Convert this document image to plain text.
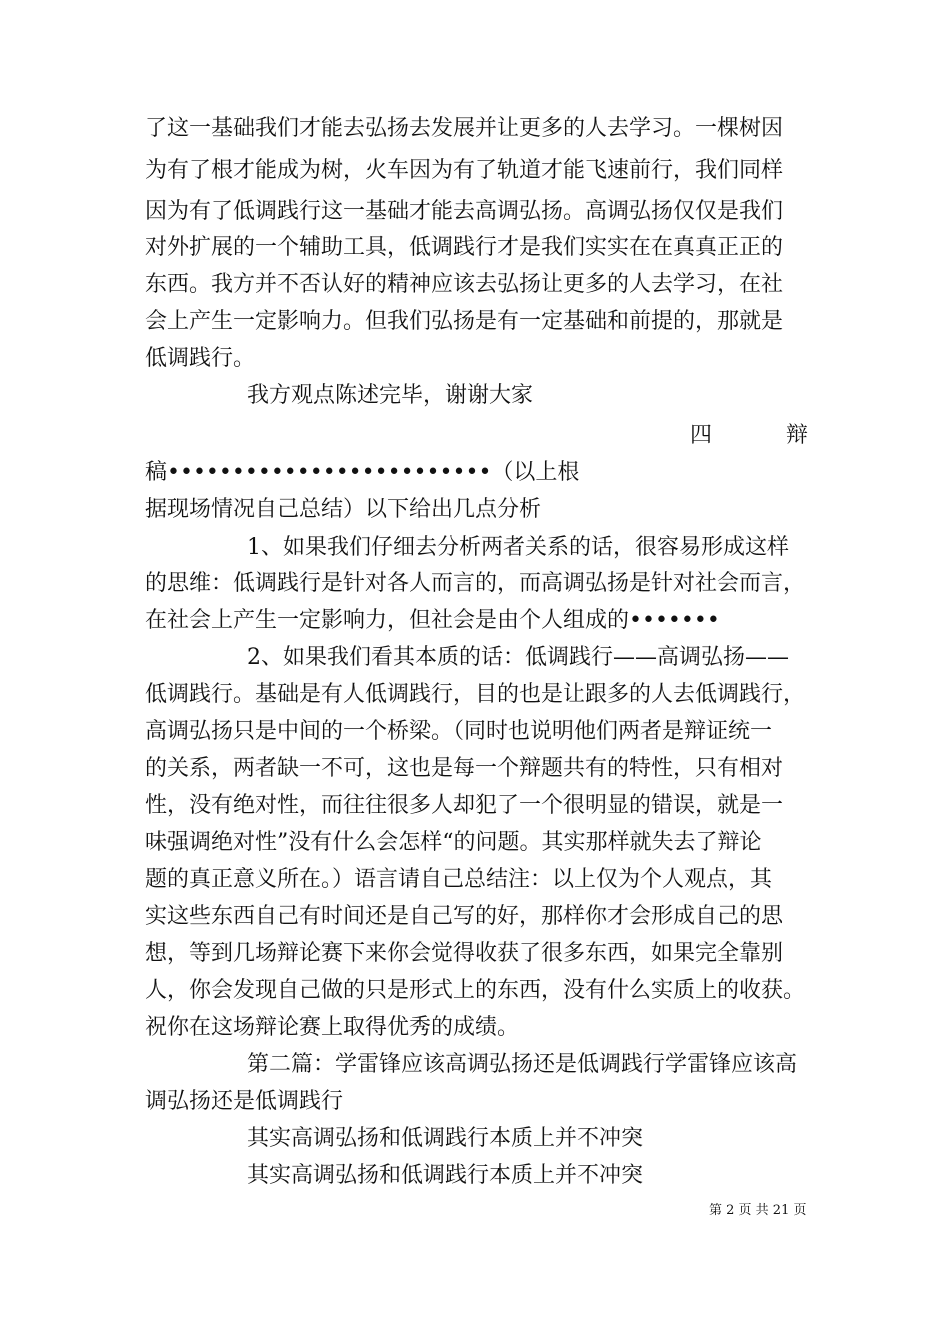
了这一基础我们才能去弘扬去发展并让更多的人去学习。一棵树因
为有了根才能成为树，火车因为有了轨道才能飞速前行，我们同样
因为有了低调践行这一基础才能去高调弘扬。高调弘扬仅仅是我们
对外扩展的一个辅助工具，低调践行才是我们实实在在真真正正的
东西。我方并不否认好的精神应该去弘扬让更多的人去学习，在社
会上产生一定影响力。但我们弘扬是有一定基础和前提的，那就是
低调践行。
我方观点陈述完毕，谢谢大家
四	辩
稿•••••••••••••••••••••••••（以上根
据现场情况自己总结）以下给出几点分析
1、如果我们仔细去分析两者关系的话，很容易形成这样
的思维：低调践行是针对各人而言的，而高调弘扬是针对社会而言，
在社会上产生一定影响力，但社会是由个人组成的•••••••
2、如果我们看其本质的话：低调践行——高调弘扬——
低调践行。基础是有人低调践行，目的也是让跟多的人去低调践行，
高调弘扬只是中间的一个桥梁。（同时也说明他们两者是辩证统一
的关系，两者缺一不可，这也是每一个辩题共有的特性，只有相对
性，没有绝对性，而往往很多人却犯了一个很明显的错误，就是一
味强调绝对性”没有什么会怎样“的问题。其实那样就失去了辩论
题的真正意义所在。）语言请自己总结注：以上仅为个人观点，其
实这些东西自己有时间还是自己写的好，那样你才会形成自己的思
想，等到几场辩论赛下来你会觉得收获了很多东西，如果完全靠别
人，你会发现自己做的只是形式上的东西，没有什么实质上的收获。
祝你在这场辩论赛上取得优秀的成绩。
第二篇：学雷锋应该高调弘扬还是低调践行学雷锋应该高
调弘扬还是低调践行
其实高调弘扬和低调践行本质上并不冲突
其实高调弘扬和低调践行本质上并不冲突
第 2 页 共 21 页
